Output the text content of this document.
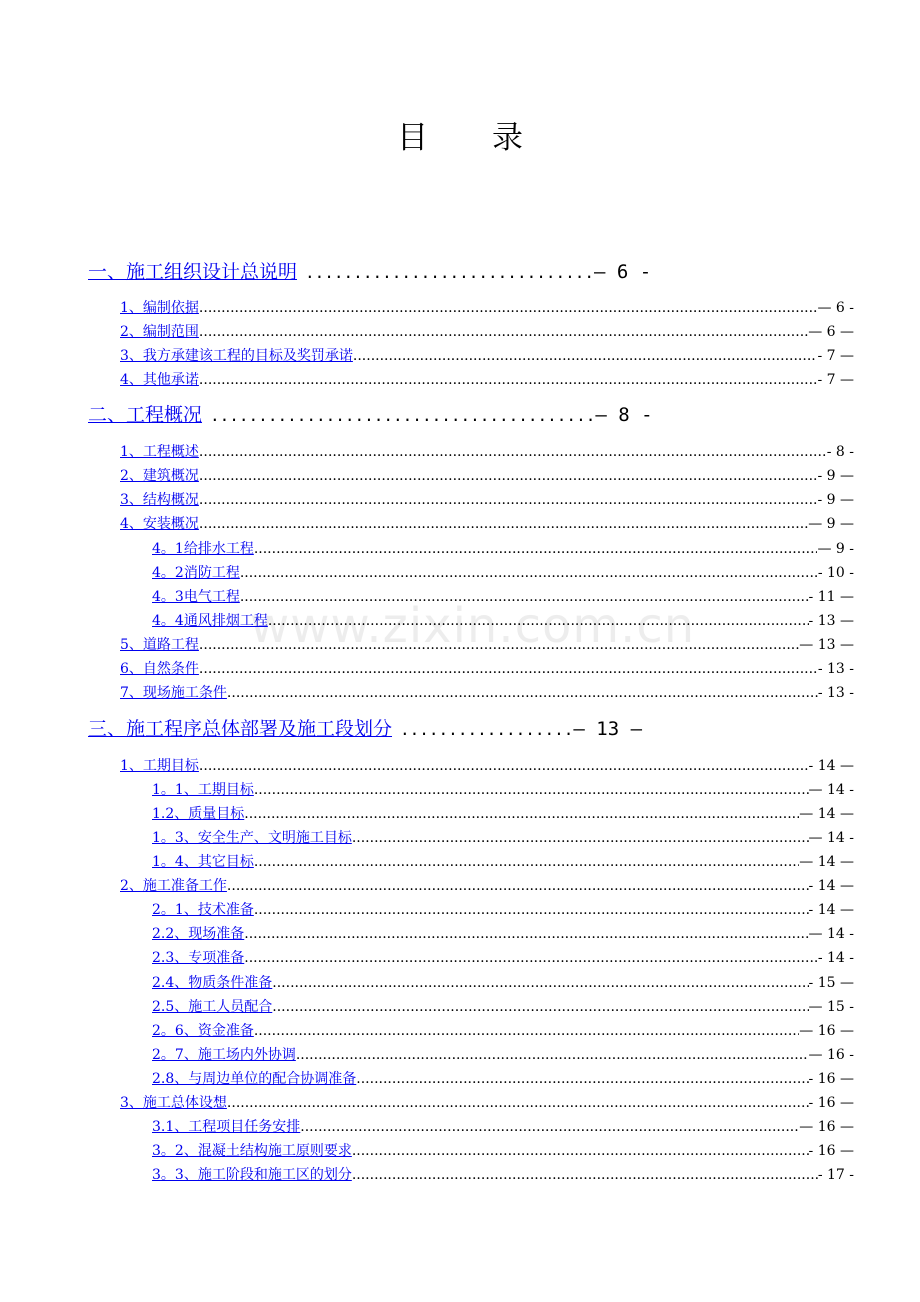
目 录
www.zixin.com.cn
一、施工组织设计总说明 .............................. — 6 -
1、编制依据 .....	— 6 -
2、编制范围 .....	— 6 —
3、我方承建该工程的目标及奖罚承诺 .....	- 7 —
4、其他承诺 .....	- 7 —
二、工程概况 ........................................ — 8 -
1、工程概述 .....	- 8 -
2、建筑概况 .....	- 9 —
3、结构概况 .....	- 9 —
4、安装概况 .....	— 9 —
4。1给排水工程 .....	— 9 -
4。2消防工程 .....	- 10 -
4。3电气工程 .....	- 11 —
4。4通风排烟工程 .....	- 13 —
5、道路工程 .....	— 13 —
6、自然条件 .....	- 13 -
7、现场施工条件 .....	- 13 -
三、施工程序总体部署及施工段划分 .................. — 13 —
1、工期目标 .....	- 14 —
1。1、工期目标 .....	— 14 -
1.2、质量目标 .....	— 14 —
1。3、安全生产、文明施工目标 .....	— 14 -
1。4、其它目标 .....	— 14 —
2、施工准备工作 .....	- 14 —
2。1、技术准备 .....	- 14 —
2.2、现场准备 .....	— 14 -
2.3、专项准备 .....	- 14 -
2.4、物质条件准备 .....	- 15 —
2.5、施工人员配合 .....	— 15 -
2。6、资金准备 .....	— 16 —
2。7、施工场内外协调 .....	— 16 -
2.8、与周边单位的配合协调准备 .....	- 16 —
3、施工总体设想 .....	- 16 —
3.1、工程项目任务安排 .....	— 16 —
3。2、混凝土结构施工原则要求 .....	- 16 —
3。3、施工阶段和施工区的划分 .....	- 17 -
